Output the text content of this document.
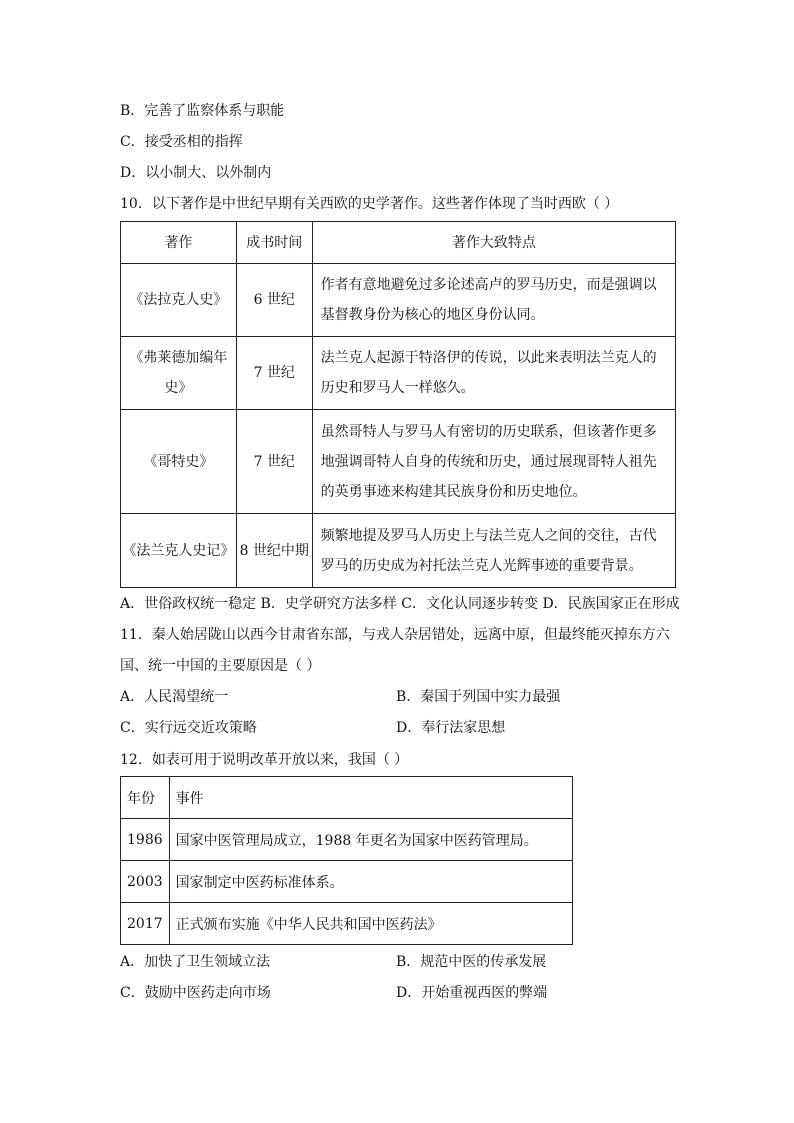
B．完善了监察体系与职能
C．接受丞相的指挥
D．以小制大、以外制内
10．以下著作是中世纪早期有关西欧的史学著作。这些著作体现了当时西欧（ ）
著作	成书时间	著作大致特点
《法拉克人史》	6 世纪	作者有意地避免过多论述高卢的罗马历史，而是强调以基督教身份为核心的地区身份认同。
《弗莱德加编年史》	7 世纪	法兰克人起源于特洛伊的传说，以此来表明法兰克人的历史和罗马人一样悠久。
《哥特史》	7 世纪	虽然哥特人与罗马人有密切的历史联系，但该著作更多地强调哥特人自身的传统和历史，通过展现哥特人祖先的英勇事迹来构建其民族身份和历史地位。
《法兰克人史记》	8 世纪中期	频繁地提及罗马人历史上与法兰克人之间的交往，古代罗马的历史成为衬托法兰克人光辉事迹的重要背景。
A．世俗政权统一稳定 B．史学研究方法多样 C．文化认同逐步转变 D．民族国家正在形成
11．秦人始居陇山以西今甘肃省东部，与戎人杂居错处，远离中原，但最终能灭掉东方六
国、统一中国的主要原因是（ ）
A．人民渴望统一	B．秦国于列国中实力最强
C．实行远交近攻策略	D．奉行法家思想
12．如表可用于说明改革开放以来，我国（ ）
年份	事件
1986	国家中医管理局成立，1988 年更名为国家中医药管理局。
2003	国家制定中医药标准体系。
2017	正式颁布实施《中华人民共和国中医药法》
A．加快了卫生领域立法	B．规范中医的传承发展
C．鼓励中医药走向市场	D．开始重视西医的弊端
